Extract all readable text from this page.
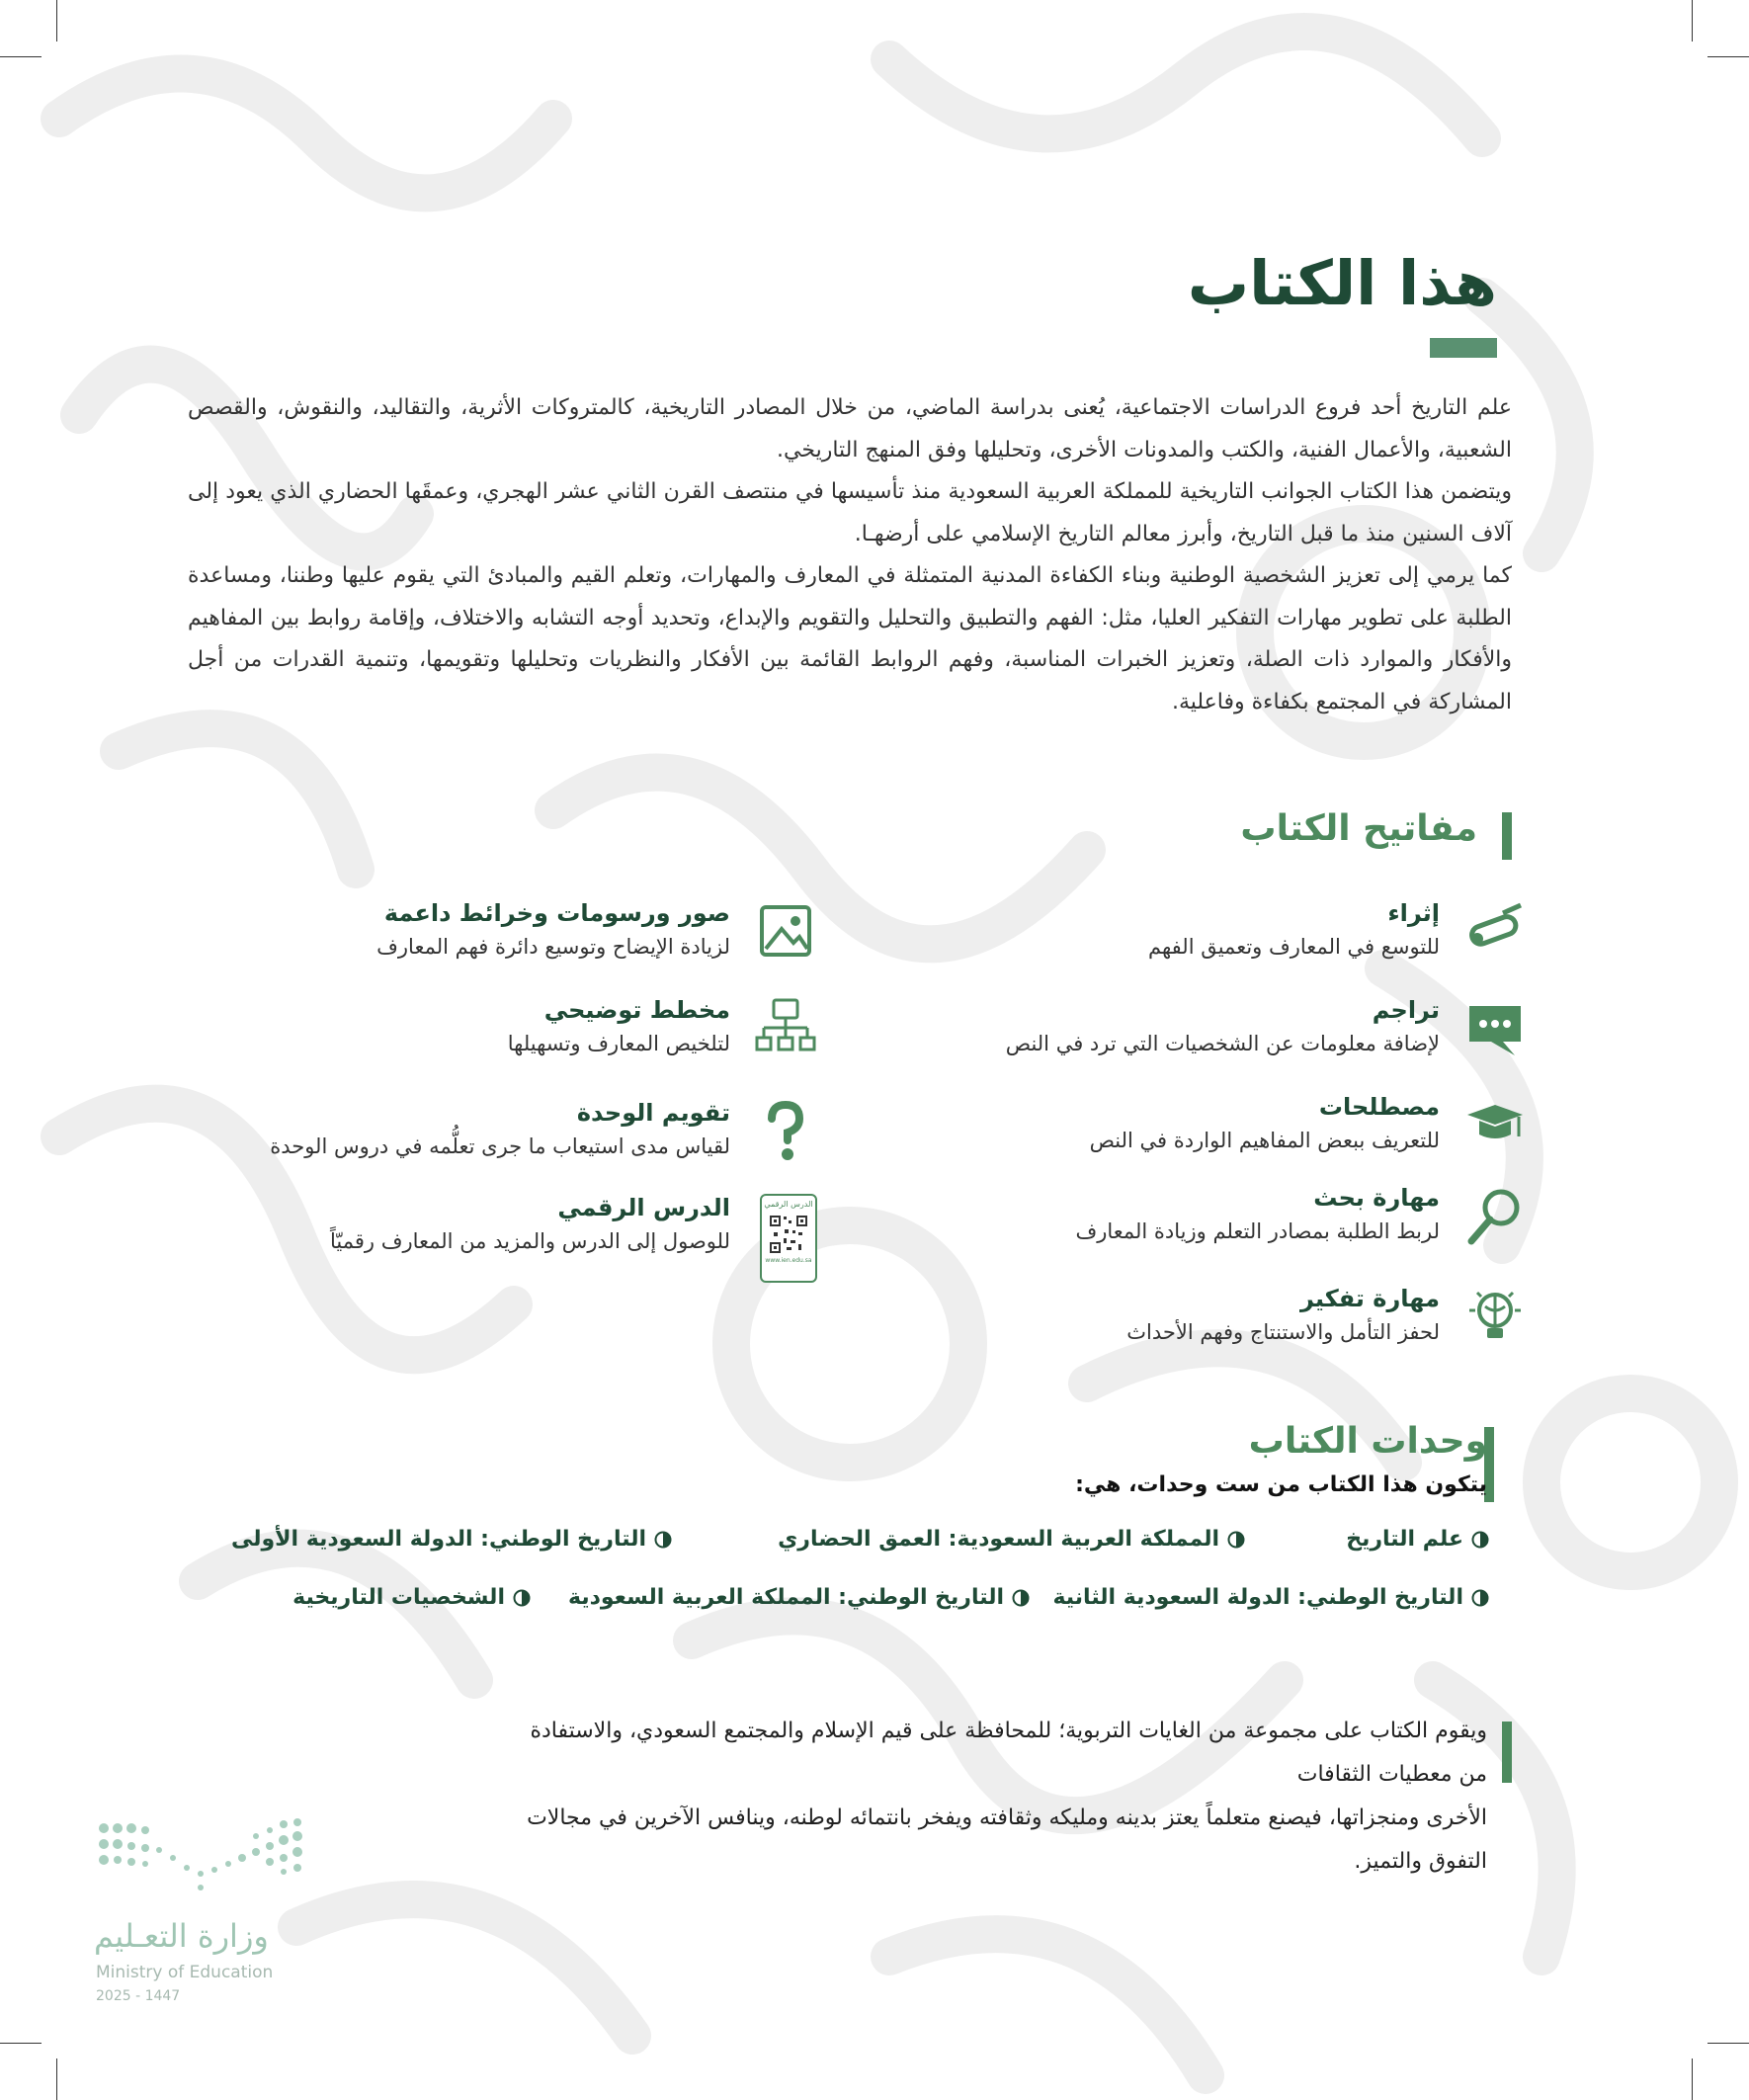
هذا الكتاب

علم التاريخ أحد فروع الدراسات الاجتماعية، يُعنى بدراسة الماضي، من خلال المصادر التاريخية، كالمتروكات الأثرية، والتقاليد، والنقوش، والقصص الشعبية، والأعمال الفنية، والكتب والمدونات الأخرى، وتحليلها وفق المنهج التاريخي.

ويتضمن هذا الكتاب الجوانب التاريخية للمملكة العربية السعودية منذ تأسيسها في منتصف القرن الثاني عشر الهجري، وعمقَها الحضاري الذي يعود إلى آلاف السنين منذ ما قبل التاريخ، وأبرز معالم التاريخ الإسلامي على أرضهـا.

كما يرمي إلى تعزيز الشخصية الوطنية وبناء الكفاءة المدنية المتمثلة في المعارف والمهارات، وتعلم القيم والمبادئ التي يقوم عليها وطننا، ومساعدة الطلبة على تطوير مهارات التفكير العليا، مثل: الفهم والتطبيق والتحليل والتقويم والإبداع، وتحديد أوجه التشابه والاختلاف، وإقامة روابط بين المفاهيم والأفكار والموارد ذات الصلة، وتعزيز الخبرات المناسبة، وفهم الروابط القائمة بين الأفكار والنظريات وتحليلها وتقويمها، وتنمية القدرات من أجل المشاركة في المجتمع بكفاءة وفاعلية.

مفاتيح الكتاب
إثراء
للتوسع في المعارف وتعميق الفهم
تراجم
لإضافة معلومات عن الشخصيات التي ترد في النص
مصطلحات
للتعريف ببعض المفاهيم الواردة في النص
مهارة بحث
لربط الطلبة بمصادر التعلم وزيادة المعارف
مهارة تفكير
لحفز التأمل والاستنتاج وفهم الأحداث
صور ورسومات وخرائط داعمة
لزيادة الإيضاح وتوسيع دائرة فهم المعارف
مخطط توضيحي
لتلخيص المعارف وتسهيلها
تقويم الوحدة
لقياس مدى استيعاب ما جرى تعلُّمه في دروس الوحدة
الدرس الرقمي
www.ien.edu.sa
الدرس الرقمي
للوصول إلى الدرس والمزيد من المعارف رقميّاً
وحدات الكتاب
يتكون هذا الكتاب من ست وحدات، هي:
علم التاريخ
المملكة العربية السعودية: العمق الحضاري
التاريخ الوطني: الدولة السعودية الأولى
التاريخ الوطني: الدولة السعودية الثانية
التاريخ الوطني: المملكة العربية السعودية
الشخصيات التاريخية

ويقوم الكتاب على مجموعة من الغايات التربوية؛ للمحافظة على قيم الإسلام والمجتمع السعودي، والاستفادة من معطيات الثقافات

الأخرى ومنجزاتها، فيصنع متعلماً يعتز بدينه ومليكه وثقافته ويفخر بانتمائه لوطنه، وينافس الآخرين في مجالات التفوق والتميز.

وزارة التعـليم
Ministry of Education
2025 - 1447
